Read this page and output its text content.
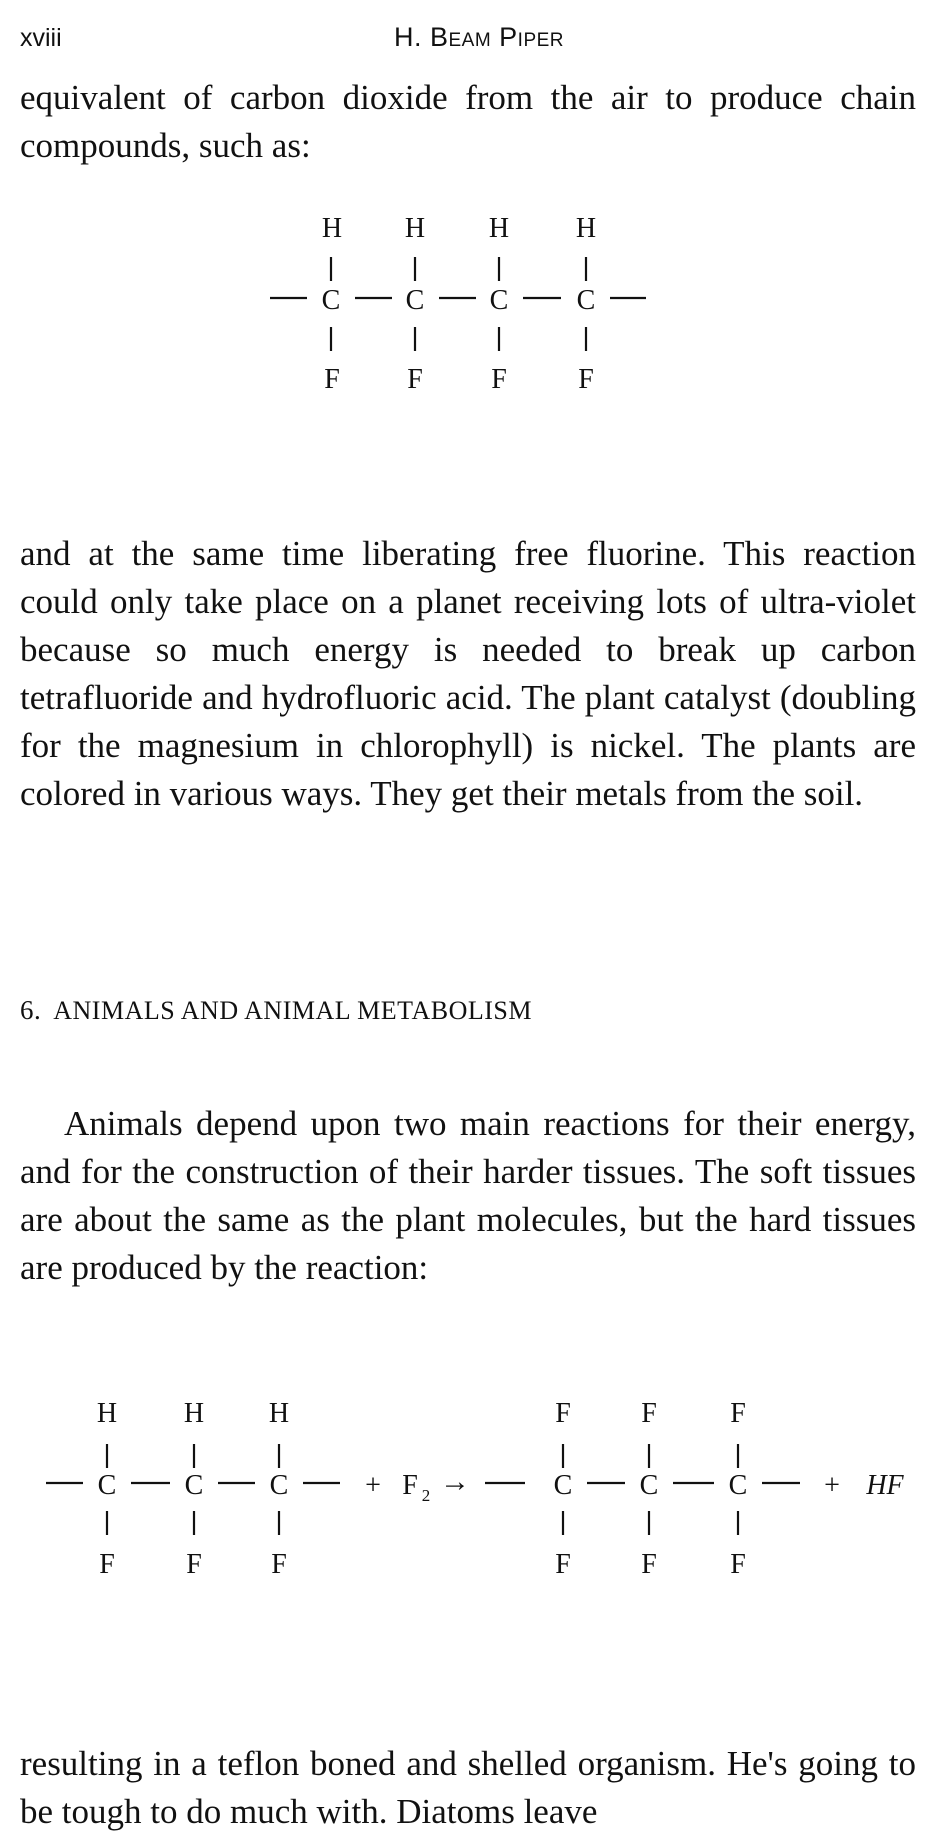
xviii	H. Beam Piper

equivalent of carbon dioxide from the air to produce chain compounds, such as:

H H H H
C C C C
F F F	F

and at the same time liberating free fluorine. This reaction could only take place on a planet receiving lots of ultra-violet because so much energy is needed to break up carbon tetrafluoride and hydrofluoric acid. The plant catalyst (doubling for the magnesium in chlorophyll) is nickel. The plants are colored in various ways. They get their metals from the soil.

6. ANIMALS AND ANIMAL METABOLISM

Animals depend upon two main reactions for their energy, and for the construction of their harder tissues. The soft tissues are about the same as the plant molecules, but the hard tissues are produced by the reaction:

H H H
C C C
F	F F
+ F 2 →
F	F	F
C C	C
F	F	F
+ HF

resulting in a teflon boned and shelled organism. He's going to be tough to do much with. Diatoms leave
